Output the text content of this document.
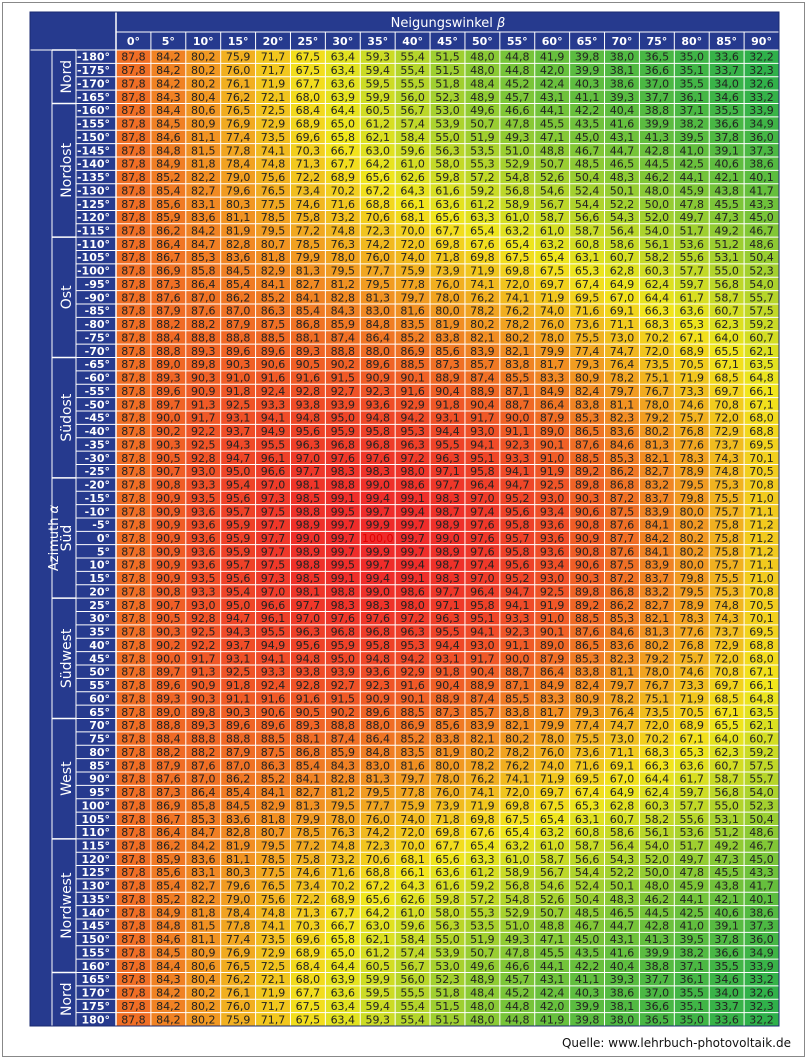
Neigungswinkel β
Azimuth α
Quelle: www.lehrbuch-photovoltaik.de
87,8 84,2 80,2 75,9 71,7 67,5 63,4 59,3 55,4 51,5 48,0 44,8 41,9 39,8 38,0 36,5 35,0 33,6 32,2
87,8 84,2 80,2 76,0 71,7 67,5 63,4 59,4 55,4 51,5 48,0 44,8 42,0 39,9 38,1 36,6 35,1 33,7 32,3
87,8 84,2 80,2 76,1 71,9 67,7 63,6 59,5 55,5 51,8 48,4 45,2 42,4 40,3 38,6 37,0 35,5 34,0 32,6
87,8 84,3 80,4 76,2 72,1 68,0 63,9 59,9 56,0 52,3 48,9 45,7 43,1 41,1 39,3 37,7 36,1 34,6 33,2
87,8 84,4 80,6 76,5 72,5 68,4 64,4 60,5 56,7 53,0 49,6 46,6 44,1 42,2 40,4 38,8 37,1 35,5 33,9
87,8 84,5 80,9 76,9 72,9 68,9 65,0 61,2 57,4 53,9 50,7 47,8 45,5 43,5 41,6 39,9 38,2 36,6 34,9
87,8 84,6 81,1 77,4 73,5 69,6 65,8 62,1 58,4 55,0 51,9 49,3 47,1 45,0 43,1 41,3 39,5 37,8 36,0
87,8 84,8 81,5 77,8 74,1 70,3 66,7 63,0 59,6 56,3 53,5 51,0 48,8 46,7 44,7 42,8 41,0 39,1 37,3
87,8 84,9 81,8 78,4 74,8 71,3 67,7 64,2 61,0 58,0 55,3 52,9 50,7 48,5 46,5 44,5 42,5 40,6 38,6
87,8 85,2 82,2 79,0 75,6 72,2 68,9 65,6 62,6 59,8 57,2 54,8 52,6 50,4 48,3 46,2 44,1 42,1 40,1
87,8 85,4 82,7 79,6 76,5 73,4 70,2 67,2 64,3 61,6 59,2 56,8 54,6 52,4 50,1 48,0 45,9 43,8 41,7
87,8 85,6 83,1 80,3 77,5 74,6 71,6 68,8 66,1 63,6 61,2 58,9 56,7 54,4 52,2 50,0 47,8 45,5 43,3
87,8 85,9 83,6 81,1 78,5 75,8 73,2 70,6 68,1 65,6 63,3 61,0 58,7 56,6 54,3 52,0 49,7 47,3 45,0
87,8 86,2 84,2 81,9 79,5 77,2 74,8 72,3 70,0 67,7 65,4 63,2 61,0 58,7 56,4 54,0 51,7 49,2 46,7
87,8 86,4 84,7 82,8 80,7 78,5 76,3 74,2 72,0 69,8 67,6 65,4 63,2 60,8 58,6 56,1 53,6 51,2 48,6
87,8 86,7 85,3 83,6 81,8 79,9 78,0 76,0 74,0 71,8 69,8 67,5 65,4 63,1 60,7 58,2 55,6 53,1 50,4
87,8 86,9 85,8 84,5 82,9 81,3 79,5 77,7 75,9 73,9 71,9 69,8 67,5 65,3 62,8 60,3 57,7 55,0 52,3
87,8 87,3 86,4 85,4 84,1 82,7 81,2 79,5 77,8 76,0 74,1 72,0 69,7 67,4 64,9 62,4 59,7 56,8 54,0
87,8 87,6 87,0 86,2 85,2 84,1 82,8 81,3 79,7 78,0 76,2 74,1 71,9 69,5 67,0 64,4 61,7 58,7 55,7
87,8 87,9 87,6 87,0 86,3 85,4 84,3 83,0 81,6 80,0 78,2 76,2 74,0 71,6 69,1 66,3 63,6 60,7 57,5
87,8 88,2 88,2 87,9 87,5 86,8 85,9 84,8 83,5 81,9 80,2 78,2 76,0 73,6 71,1 68,3 65,3 62,3 59,2
87,8 88,4 88,8 88,8 88,5 88,1 87,4 86,4 85,2 83,8 82,1 80,2 78,0 75,5 73,0 70,2 67,1 64,0 60,7
87,8 88,8 89,3 89,6 89,6 89,3 88,8 88,0 86,9 85,6 83,9 82,1 79,9 77,4 74,7 72,0 68,9 65,5 62,1
87,8 89,0 89,8 90,3 90,6 90,5 90,2 89,6 88,5 87,3 85,7 83,8 81,7 79,3 76,4 73,5 70,5 67,1 63,5
87,8 89,3 90,3 91,0 91,6 91,6 91,5 90,9 90,1 88,9 87,4 85,5 83,3 80,9 78,2 75,1 71,9 68,5 64,8
87,8 89,6 90,9 91,8 92,4 92,8 92,7 92,3 91,6 90,4 88,9 87,1 84,9 82,4 79,7 76,7 73,3 69,7 66,1
87,8 89,7 91,3 92,5 93,3 93,8 93,9 93,6 92,9 91,8 90,4 88,7 86,4 83,8 81,1 78,0 74,6 70,8 67,1
87,8 90,0 91,7 93,1 94,1 94,8 95,0 94,8 94,2 93,1 91,7 90,0 87,9 85,3 82,3 79,2 75,7 72,0 68,0
87,8 90,2 92,2 93,7 94,9 95,6 95,9 95,8 95,3 94,4 93,0 91,1 89,0 86,5 83,6 80,2 76,8 72,9 68,8
87,8 90,3 92,5 94,3 95,5 96,3 96,8 96,8 96,3 95,5 94,1 92,3 90,1 87,6 84,6 81,3 77,6 73,7 69,5
87,8 90,5 92,8 94,7 96,1 97,0 97,6 97,6 97,2 96,3 95,1 93,3 91,0 88,5 85,3 82,1 78,3 74,3 70,1
87,8 90,7 93,0 95,0 96,6 97,7 98,3 98,3 98,0 97,1 95,8 94,1 91,9 89,2 86,2 82,7 78,9 74,8 70,5
87,8 90,8 93,3 95,4 97,0 98,1 98,8 99,0 98,6 97,7 96,4 94,7 92,5 89,8 86,8 83,2 79,5 75,3 70,8
87,8 90,9 93,5 95,6 97,3 98,5 99,1 99,4 99,1 98,3 97,0 95,2 93,0 90,3 87,2 83,7 79,8 75,5 71,0
87,8 90,9 93,6 95,7 97,5 98,8 99,5 99,7 99,4 98,7 97,4 95,6 93,4 90,6 87,5 83,9 80,0 75,7 71,1
87,8 90,9 93,6 95,9 97,7 98,9 99,7 99,9 99,7 98,9 97,6 95,8 93,6 90,8 87,6 84,1 80,2 75,8 71,2
87,8 90,9 93,6 95,9 97,7 99,0 99,7 100,0 99,7 99,0 97,6 95,7 93,6 90,9 87,7 84,2 80,2 75,8 71,2
87,8 90,9 93,6 95,9 97,7 98,9 99,7 99,9 99,7 98,9 97,6 95,8 93,6 90,8 87,6 84,1 80,2 75,8 71,2
87,8 90,9 93,6 95,7 97,5 98,8 99,5 99,7 99,4 98,7 97,4 95,6 93,4 90,6 87,5 83,9 80,0 75,7 71,1
87,8 90,9 93,5 95,6 97,3 98,5 99,1 99,4 99,1 98,3 97,0 95,2 93,0 90,3 87,2 83,7 79,8 75,5 71,0
87,8 90,8 93,3 95,4 97,0 98,1 98,8 99,0 98,6 97,7 96,4 94,7 92,5 89,8 86,8 83,2 79,5 75,3 70,8
87,8 90,7 93,0 95,0 96,6 97,7 98,3 98,3 98,0 97,1 95,8 94,1 91,9 89,2 86,2 82,7 78,9 74,8 70,5
87,8 90,5 92,8 94,7 96,1 97,0 97,6 97,6 97,2 96,3 95,1 93,3 91,0 88,5 85,3 82,1 78,3 74,3 70,1
87,8 90,3 92,5 94,3 95,5 96,3 96,8 96,8 96,3 95,5 94,1 92,3 90,1 87,6 84,6 81,3 77,6 73,7 69,5
87,8 90,2 92,2 93,7 94,9 95,6 95,9 95,8 95,3 94,4 93,0 91,1 89,0 86,5 83,6 80,2 76,8 72,9 68,8
87,8 90,0 91,7 93,1 94,1 94,8 95,0 94,8 94,2 93,1 91,7 90,0 87,9 85,3 82,3 79,2 75,7 72,0 68,0
87,8 89,7 91,3 92,5 93,3 93,8 93,9 93,6 92,9 91,8 90,4 88,7 86,4 83,8 81,1 78,0 74,6 70,8 67,1
87,8 89,6 90,9 91,8 92,4 92,8 92,7 92,3 91,6 90,4 88,9 87,1 84,9 82,4 79,7 76,7 73,3 69,7 66,1
87,8 89,3 90,3 91,1 91,6 91,6 91,5 90,9 90,1 88,9 87,4 85,5 83,3 80,9 78,2 75,1 71,9 68,5 64,8
87,8 89,0 89,8 90,3 90,6 90,5 90,2 89,6 88,5 87,3 85,7 83,8 81,7 79,3 76,4 73,5 70,5 67,1 63,5
87,8 88,8 89,3 89,6 89,6 89,3 88,8 88,0 86,9 85,6 83,9 82,1 79,9 77,4 74,7 72,0 68,9 65,5 62,1
87,8 88,4 88,8 88,8 88,5 88,1 87,4 86,4 85,2 83,8 82,1 80,2 78,0 75,5 73,0 70,2 67,1 64,0 60,7
87,8 88,2 88,2 87,9 87,5 86,8 85,9 84,8 83,5 81,9 80,2 78,2 76,0 73,6 71,1 68,3 65,3 62,3 59,2
87,8 87,9 87,6 87,0 86,3 85,4 84,3 83,0 81,6 80,0 78,2 76,2 74,0 71,6 69,1 66,3 63,6 60,7 57,5
87,8 87,6 87,0 86,2 85,2 84,1 82,8 81,3 79,7 78,0 76,2 74,1 71,9 69,5 67,0 64,4 61,7 58,7 55,7
87,8 87,3 86,4 85,4 84,1 82,7 81,2 79,5 77,8 76,0 74,1 72,0 69,7 67,4 64,9 62,4 59,7 56,8 54,0
87,8 86,9 85,8 84,5 82,9 81,3 79,5 77,7 75,9 73,9 71,9 69,8 67,5 65,3 62,8 60,3 57,7 55,0 52,3
87,8 86,7 85,3 83,6 81,8 79,9 78,0 76,0 74,0 71,8 69,8 67,5 65,4 63,1 60,7 58,2 55,6 53,1 50,4
87,8 86,4 84,7 82,8 80,7 78,5 76,3 74,2 72,0 69,8 67,6 65,4 63,2 60,8 58,6 56,1 53,6 51,2 48,6
87,8 86,2 84,2 81,9 79,5 77,2 74,8 72,3 70,0 67,7 65,4 63,2 61,0 58,7 56,4 54,0 51,7 49,2 46,7
87,8 85,9 83,6 81,1 78,5 75,8 73,2 70,6 68,1 65,6 63,3 61,0 58,7 56,6 54,3 52,0 49,7 47,3 45,0
87,8 85,6 83,1 80,3 77,5 74,6 71,6 68,8 66,1 63,6 61,2 58,9 56,7 54,4 52,2 50,0 47,8 45,5 43,3
87,8 85,4 82,7 79,6 76,5 73,4 70,2 67,2 64,3 61,6 59,2 56,8 54,6 52,4 50,1 48,0 45,9 43,8 41,7
87,8 85,2 82,2 79,0 75,6 72,2 68,9 65,6 62,6 59,8 57,2 54,8 52,6 50,4 48,3 46,2 44,1 42,1 40,1
87,8 84,9 81,8 78,4 74,8 71,3 67,7 64,2 61,0 58,0 55,3 52,9 50,7 48,5 46,5 44,5 42,5 40,6 38,6
87,8 84,8 81,5 77,8 74,1 70,3 66,7 63,0 59,6 56,3 53,5 51,0 48,8 46,7 44,7 42,8 41,0 39,1 37,3
87,8 84,6 81,1 77,4 73,5 69,6 65,8 62,1 58,4 55,0 51,9 49,3 47,1 45,0 43,1 41,3 39,5 37,8 36,0
87,8 84,5 80,9 76,9 72,9 68,9 65,0 61,2 57,4 53,9 50,7 47,8 45,5 43,5 41,6 39,9 38,2 36,6 34,9
87,8 84,4 80,6 76,5 72,5 68,4 64,4 60,5 56,7 53,0 49,6 46,6 44,1 42,2 40,4 38,8 37,1 35,5 33,9
87,8 84,3 80,4 76,2 72,1 68,0 63,9 59,9 56,0 52,3 48,9 45,7 43,1 41,1 39,3 37,7 36,1 34,6 33,2
87,8 84,2 80,2 76,1 71,9 67,7 63,6 59,5 55,5 51,8 48,4 45,2 42,4 40,3 38,6 37,0 35,5 34,0 32,6
87,8 84,2 80,2 76,0 71,7 67,5 63,4 59,4 55,4 51,5 48,0 44,8 42,0 39,9 38,1 36,6 35,1 33,7 32,3
87,8 84,2 80,2 75,9 71,7 67,5 63,4 59,3 55,4 51,5 48,0 44,8 41,9 39,8 38,0 36,5 35,0 33,6 32,2
0° 5° 10° 15° 20° 25° 30° 35° 40° 45° 50° 55° 60° 65° 70° 75° 80° 85° 90°
-180°
-175°
-170°
-165°
-160°
-155°
-150°
-145°
-140°
-135°
-130°
-125°
-120°
-115°
-110°
-105°
-100°
-95°
-90°
-85°
-80°
-75°
-70°
-65°
-60°
-55°
-50°
-45°
-40°
-35°
-30°
-25°
-20°
-15°
-10°
-5°
0°
5°
10°
15°
20°
25°
30°
35°
40°
45°
50°
55°
60°
65°
70°
75°
80°
85°
90°
95°
100°
105°
110°
115°
120°
125°
130°
135°
140°
145°
150°
155°
160°
165°
170°
175°
180°
Nord
Nordost
Ost
Südost
Süd
Südwest
West
Nordwest
Nord
